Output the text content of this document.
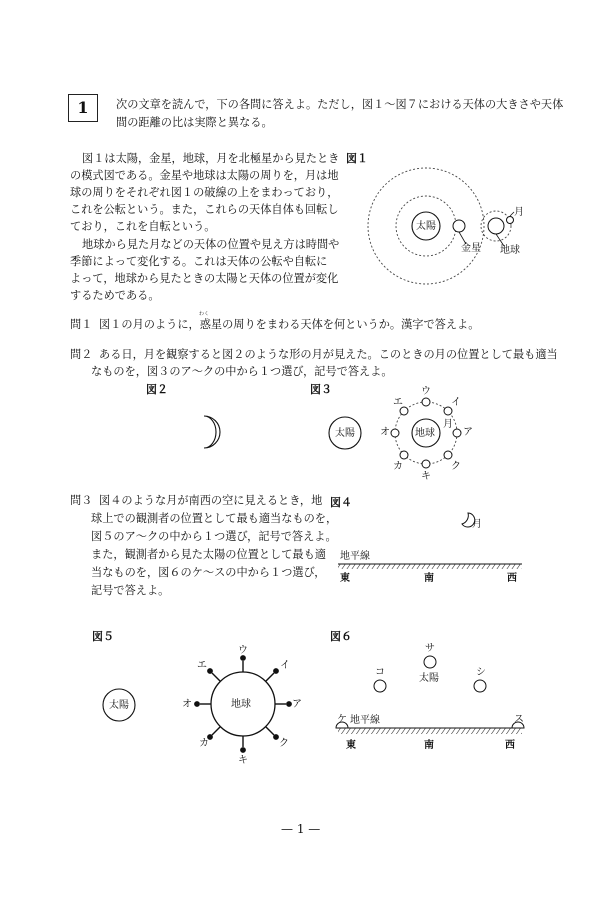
1	次の文章を読んで，下の各問に答えよ。ただし，図１～図７における天体の大きさや天体
間の距離の比は実際と異なる。
図１は太陽，金星，地球，月を北極星から見たとき
の模式図である。金星や地球は太陽の周りを，月は地
球の周りをそれぞれ図１の破線の上をまわっており，
これを公転という。また，これらの天体自体も回転し
ており，これを自転という。
地球から見た月などの天体の位置や見え方は時間や
季節によって変化する。これは天体の公転や自転に
よって，地球から見たときの太陽と天体の位置が変化
するためである。
図１
太陽
金星 地球
月
問１ 図１の月のように，惑星の周りをまわる天体を何というか。漢字で答えよ。
わく
問２ ある日，月を観察すると図２のような形の月が見えた。このときの月の位置として最も適当
なものを，図３のア～クの中から１つ選び，記号で答えよ。
図２	図３
太陽	地球
月
ア
イ
ウ
エ
オ
カ
キ
ク
問３ 図４のような月が南西の空に見えるとき，地
球上での観測者の位置として最も適当なものを，
図５のア～クの中から１つ選び，記号で答えよ。
また，観測者から見た太陽の位置として最も適
当なものを，図６のケ～スの中から１つ選び，
記号で答えよ。
図４
月
地平線
東	南	西
図５
太陽	地球	ア
イ
ウ
エ
オ
カ
キ
ク
図６
サ
太陽
コ	シ
ケ 地平線	ス
東	南	西
— 1 —
